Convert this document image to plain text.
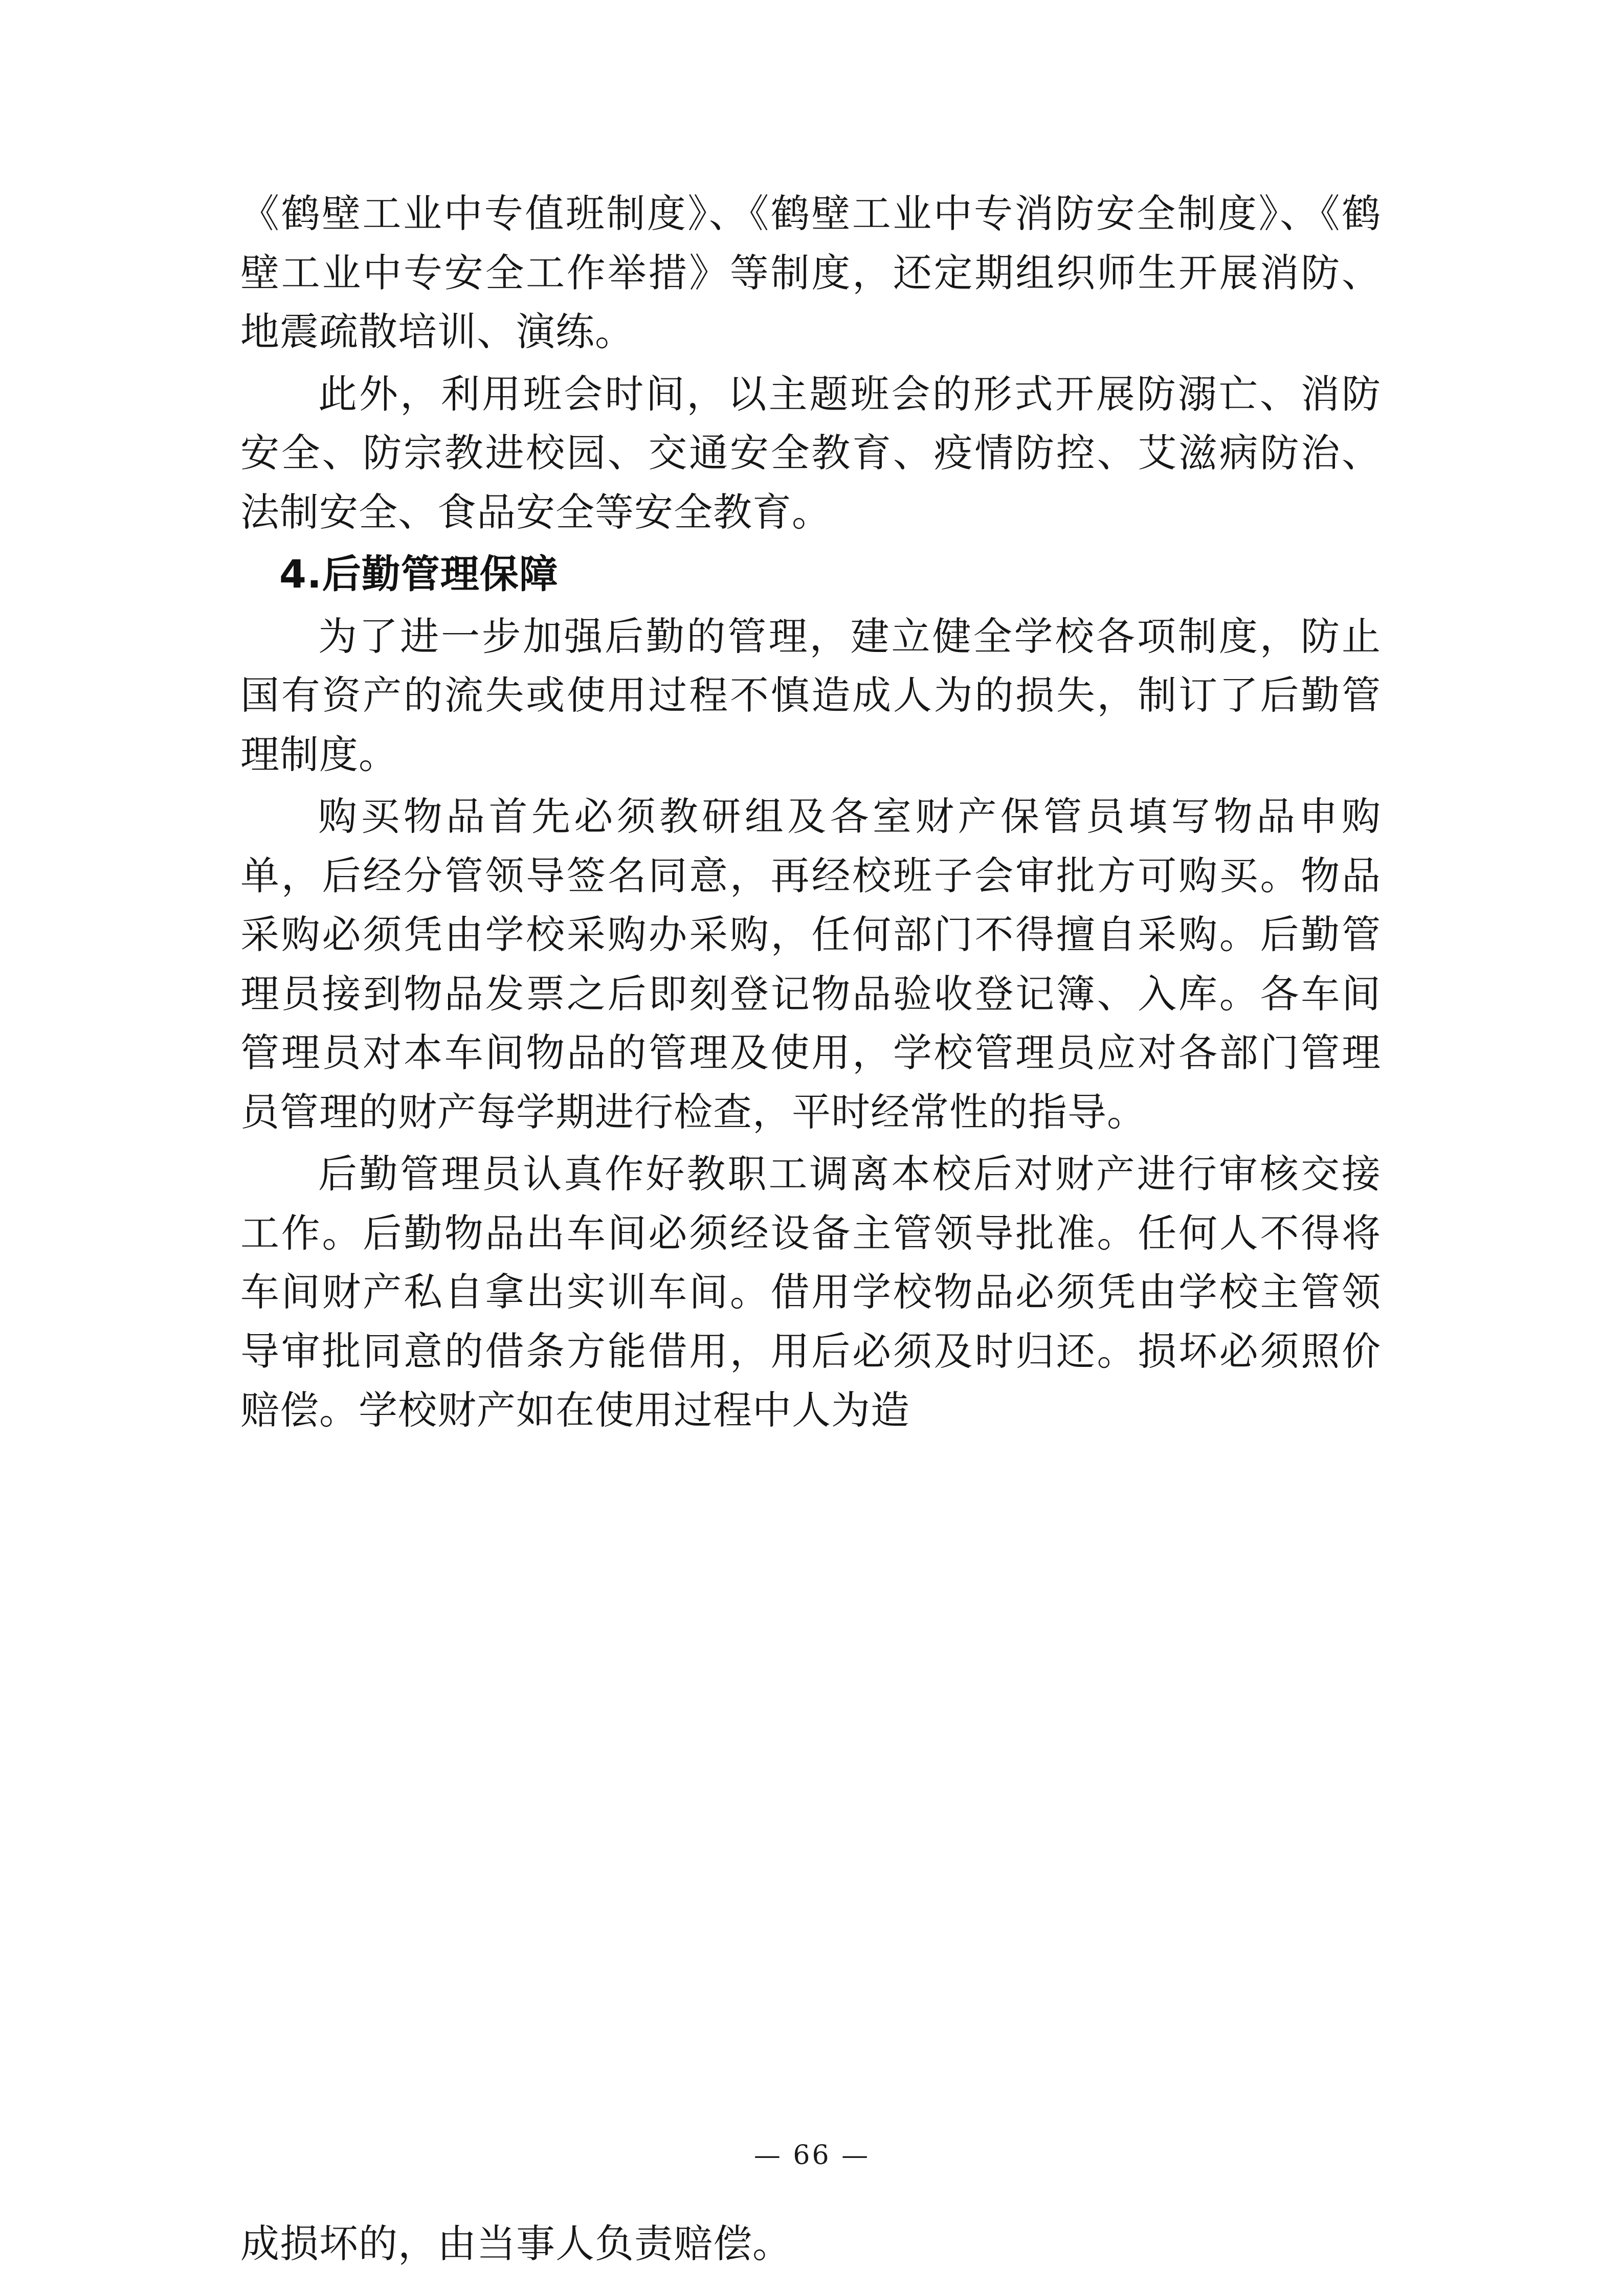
《鹤壁工业中专值班制度》、《鹤壁工业中专消防安全制度》、《鹤壁工业中专安全工作举措》等制度，还定期组织师生开展消防、地震疏散培训、演练。

此外，利用班会时间，以主题班会的形式开展防溺亡、消防安全、防宗教进校园、交通安全教育、疫情防控、艾滋病防治、法制安全、食品安全等安全教育。

4.后勤管理保障

为了进一步加强后勤的管理，建立健全学校各项制度，防止国有资产的流失或使用过程不慎造成人为的损失，制订了后勤管理制度。

购买物品首先必须教研组及各室财产保管员填写物品申购单，后经分管领导签名同意，再经校班子会审批方可购买。物品采购必须凭由学校采购办采购，任何部门不得擅自采购。后勤管理员接到物品发票之后即刻登记物品验收登记簿、入库。各车间管理员对本车间物品的管理及使用，学校管理员应对各部门管理员管理的财产每学期进行检查，平时经常性的指导。

后勤管理员认真作好教职工调离本校后对财产进行审核交接工作。后勤物品出车间必须经设备主管领导批准。任何人不得将车间财产私自拿出实训车间。借用学校物品必须凭由学校主管领导审批同意的借条方能借用，用后必须及时归还。损坏必须照价赔偿。学校财产如在使用过程中人为造

— 66 —
成损坏的，由当事人负责赔偿。
